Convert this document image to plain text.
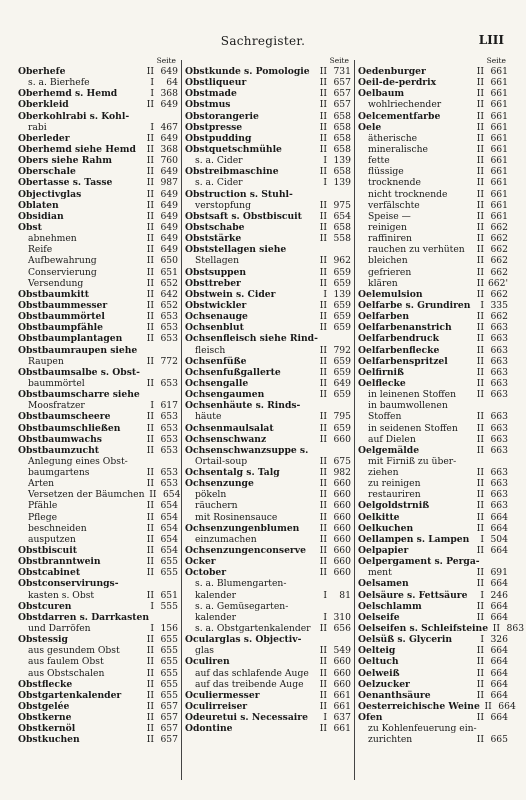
Sachregister.	LIII
Seite
Oberhefe	II 649
s. a. Bierhefe	I	64
Oberhemd s. Hemd	I 368
Oberkleid	II 649
Oberkohlrabi s. Kohl-
rabi	I 467
Oberleder	II 649
Oberhemd siehe Hemd	II 368
Obers siehe Rahm	II 760
Oberschale	II 649
Obertasse s. Tasse	II 987
Objectivglas	II 649
Oblaten	II 649
Obsidian	II 649
Obst	II 649
abnehmen	II 649
Reife	II 649
Aufbewahrung	II 650
Conservierung	II 651
Versendung	II 652
Obstbaumkitt	II 642
Obstbaummesser	II 652
Obstbaummörtel	II 653
Obstbaumpfähle	II 653
Obstbaumplantagen	II 653
Obstbaumraupen siehe
Raupen	II 772
Obstbaumsalbe s. Obst-
baummörtel	II 653
Obstbaumscharre siehe
Moosfratzer	I 617
Obstbaumscheere	II 653
Obstbaumschließen	II 653
Obstbaumwachs	II 653
Obstbaumzucht	II 653
Anlegung eines Obst-
baumgartens	II 653
Arten	II 653
Versetzen der Bäumchen II 654
Pfähle	II 654
Pflege	II 654
beschneiden	II 654
ausputzen	II 654
Obstbiscuit	II 654
Obstbranntwein	II 655
Obstcabinet	II 655
Obstconservirungs-
kasten s. Obst	II 651
Obstcuren	I 555
Obstdarren s. Darrkasten
und Darröfen	I 156
Obstessig	II 655
aus gesundem Obst	II 655
aus faulem Obst	II 655
aus Obstschalen	II 655
Obstflecke	II 655
Obstgartenkalender	II 655
Obstgelée	II 657
Obstkerne	II 657
Obstkernöl	II 657
Obstkuchen	II 657
Seite
Obstkunde s. Pomologie	II 731
Obstliqueur	II 657
Obstmade	II 657
Obstmus	II 657
Obstorangerie	II 658
Obstpresse	II 658
Obstpudding	II 658
Obstquetschmühle	II 658
s. a. Cider	I 139
Obstreibmaschine	II 658
s. a. Cider	I 139
Obstruction s. Stuhl-
verstopfung	II 975
Obstsaft s. Obstbiscuit	II 654
Obstschabe	II 658
Obststärke	II 558
Obststellagen siehe
Stellagen	II 962
Obstsuppen	II 659
Obsttreber	II 659
Obstwein s. Cider	I 139
Obstwickler	II 659
Ochsenauge	II 659
Ochsenblut	II 659
Ochsenfleisch siehe Rind-
fleisch	II 792
Ochsenfüße	II 659
Ochsenfußgallerte	II 659
Ochsengalle	II 649
Ochsengaumen	II 659
Ochsenhäute s. Rinds-
häute	II 795
Ochsenmaulsalat	II 659
Ochsenschwanz	II 660
Ochsenschwanzsuppe s.
Ortail-soup	II 675
Ochsentalg s. Talg	II 982
Ochsenzunge	II 660
pökeln	II 660
räuchern	II 660
mit Rosinensauce	II 660
Ochsenzungenblumen	II 660
einzumachen	II 660
Ochsenzungenconserve	II 660
Ocker	II 660
October	II 660
s. a. Blumengarten-
kalender	I	81
s. a. Gemüsegarten-
kalender	I 310
s. a. Obstgartenkalender II 656
Ocularglas s. Objectiv-
glas	II 549
Oculiren	II 660
auf das schlafende Auge	II 660
auf das treibende Auge	II 660
Oculiermesser	II 661
Oculirreiser	II 661
Odeuretui s. Necessaire	I 637
Odontine	II 661
Seite
Oedenburger	II 661
Oeil-de-perdrix	II 661
Oelbaum	II 661
wohlriechender	II 661
Oelcementfarbe	II 661
Oele	II 661
ätherische	II 661
mineralische	II 661
fette	II 661
flüssige	II 661
trocknende	II 661
nicht trocknende	II 661
verfälschte	II 661
Speise —	II 661
reinigen	II 662
raffiniren	II 662
rauchen zu verhüten	II 662
bleichen	II 662
gefrieren	II 662
klären	II 662'
Oelemulsion	II 662
Oelfarbe s. Grundiren	I 335
Oelfarben	II 662
Oelfarbenanstrich	II 663
Oelfarbendruck	II 663
Oelfarbenflecke	II 663
Oelfarbenspritzel	II 663
Oelfirniß	II 663
Oelflecke	II 663
in leinenen Stoffen	II 663
in baumwollenen
Stoffen	II 663
in seidenen Stoffen	II 663
auf Dielen	II 663
Oelgemälde	II 663
mit Firniß zu über-
ziehen	II 663
zu reinigen	II 663
restauriren	II 663
Oelgoldstrniß	II 663
Oelkitte	II 664
Oelkuchen	II 664
Oellampen s. Lampen	I 504
Oelpapier	II 664
Oelpergament s. Perga-
ment	II 691
Oelsamen	II 664
Oelsäure s. Fettsäure	I 246
Oelschlamm	II 664
Oelseife	II 664
Oelseifen s. Schleifsteine II 863
Oelsüß s. Glycerin	I 326
Oelteig	II 664
Oeltuch	II 664
Oelweiß	II 664
Oelzucker	II 664
Oenanthsäure	II 664
Oesterreichische Weine II 664
Ofen	II 664
zu Kohlenfeuerung ein-
zurichten	II 665
